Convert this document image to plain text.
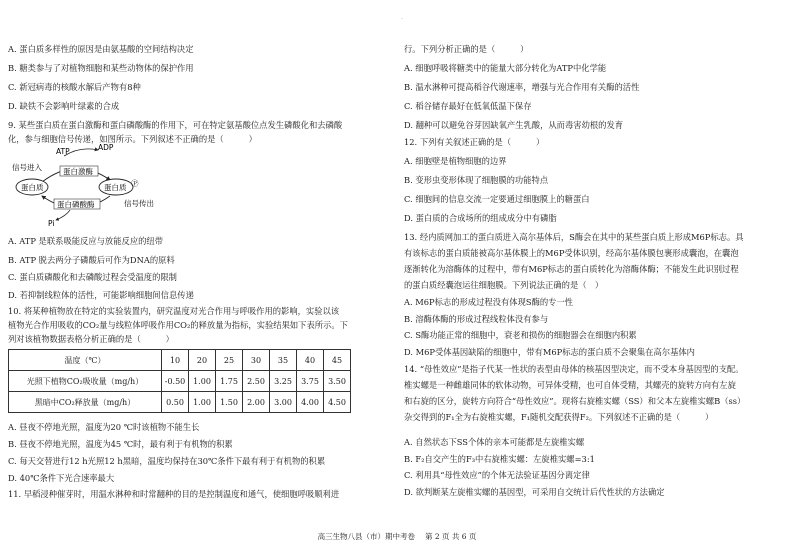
·
A. 蛋白质多样性的原因是由氨基酸的空间结构决定
B. 糖类参与了对植物细胞和某些动物体的保护作用
C. 新冠病毒的核酸水解后产物有8种
D. 缺铁不会影响叶绿素的合成
9. 某些蛋白质在蛋白激酶和蛋白磷酸酶的作用下，可在特定氨基酸位点发生磷酸化和去磷酸
化，参与细胞信号传递，如图所示。下列叙述不正确的是（　　　）
A. ATP 是联系吸能反应与放能反应的纽带
B. ATP 脱去两分子磷酸后可作为DNA的原料
C. 蛋白质磷酸化和去磷酸过程会受温度的限制
D. 若抑制线粒体的活性，可能影响细胞间信息传递
10. 将某种植物放在特定的实验装置内，研究温度对光合作用与呼吸作用的影响，实验以该
植物光合作用吸收的CO₂量与线粒体呼吸作用CO₂的释放量为指标，实验结果如下表所示。下
列对该植物数据表格分析正确的是（　　　）
A. 昼夜不停地光照，温度为20 ℃时该植物不能生长
B. 昼夜不停地光照，温度为45 ℃时，最有利于有机物的积累
C. 每天交替进行12 h光照12 h黑暗，温度均保持在30℃条件下最有利于有机物的积累
D. 40℃条件下光合速率最大
11. 早稻浸种催芽时，用温水淋种和时常翻种的目的是控制温度和通气，使细胞呼吸顺利进
ATP	ADP
信号进入	蛋白激酶
蛋白质	蛋白质 Ⓟ
信号传出
蛋白磷酸酶
Pi
温度（℃）	10	20	25	30	35	40	45
光照下植物CO₂吸收量（mg/h）	-0.50	1.00	1.75	2.50	3.25	3.75	3.50
黑暗中CO₂释放量（mg/h）	0.50	1.00	1.50	2.00	3.00	4.00	4.50
行。下列分析正确的是（　　　）
A. 细胞呼吸将糖类中的能量大部分转化为ATP中化学能
B. 温水淋种可提高稻谷代谢速率，增强与光合作用有关酶的活性
C. 稻谷储存最好在低氧低温下保存
D. 翻种可以避免谷芽因缺氧产生乳酸，从而毒害幼根的发育
12. 下列有关叙述正确的是（　　　）
A. 细胞壁是植物细胞的边界
B. 变形虫变形体现了细胞膜的功能特点
C. 细胞间的信息交流一定要通过细胞膜上的糖蛋白
D. 蛋白质的合成场所的组成成分中有磷脂
13. 经内质网加工的蛋白质进入高尔基体后，S酶会在其中的某些蛋白质上形成M6P标志。具
有该标志的蛋白质能被高尔基体膜上的M6P受体识别，经高尔基体膜包裹形成囊泡，在囊泡
逐渐转化为溶酶体的过程中，带有M6P标志的蛋白质转化为溶酶体酶；不能发生此识别过程
的蛋白质经囊泡运往细胞膜。下列说法正确的是（　）
A. M6P标志的形成过程没有体现S酶的专一性
B. 溶酶体酶的形成过程线粒体没有参与
C. S酶功能正常的细胞中，衰老和损伤的细胞器会在细胞内积累
D. M6P受体基因缺陷的细胞中，带有M6P标志的蛋白质不会聚集在高尔基体内
14. “母性效应”是指子代某一性状的表型由母体的核基因型决定，而不受本身基因型的支配。
椎实螺是一种雌雄同体的软体动物，可异体受精，也可自体受精，其螺壳的旋转方向有左旋
和右旋的区分，旋转方向符合“母性效应”。现将右旋椎实螺（SS）和父本左旋椎实螺B（ss）
杂交得到的F₁全为右旋椎实螺，F₁随机交配获得F₂。下列叙述不正确的是（　　　）
A. 自然状态下SS个体的亲本可能都是左旋椎实螺
B. F₂自交产生的F₃中右旋椎实螺：左旋椎实螺=3:1
C. 利用具“母性效应”的个体无法验证基因分离定律
D. 欲判断某左旋椎实螺的基因型，可采用自交统计后代性状的方法确定
高三生物八县（市）期中考卷　 第 2 页 共 6 页
